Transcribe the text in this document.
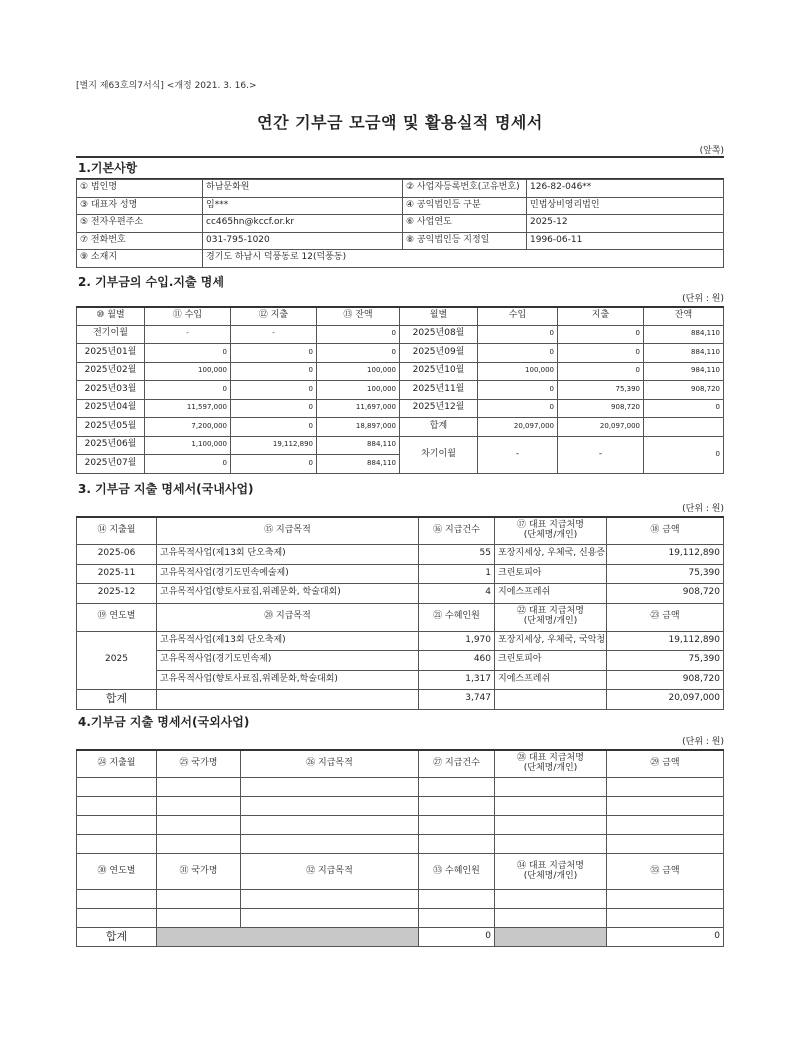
[별지 제63호의7서식] <개정 2021. 3. 16.>
연간 기부금 모금액 및 활용실적 명세서
(앞쪽)
1.기본사항
① 법인명	하남문화원	② 사업자등록번호(고유번호)	126-82-046**
③ 대표자 성명	임***	④ 공익법인등 구분	민법상비영리법인
⑤ 전자우편주소	cc465hn@kccf.or.kr	⑥ 사업연도	2025-12
⑦ 전화번호	031-795-1020	⑧ 공익법인등 지정일	1996-06-11
⑨ 소재지	경기도 하남시 덕풍동로 12(덕풍동)		
2. 기부금의 수입.지출 명세
(단위 : 원)
⑩ 월별	⑪ 수입	⑫ 지출	⑬ 잔액	월별	수입	지출	잔액
전기이월	-	-	0	2025년08월	0	0	884,110
2025년01월	0	0	0	2025년09월	0	0	884,110
2025년02월	100,000	0	100,000	2025년10월	100,000	0	984,110
2025년03월	0	0	100,000	2025년11월	0	75,390	908,720
2025년04월	11,597,000	0	11,697,000	2025년12월	0	908,720	0
2025년05월	7,200,000	0	18,897,000	합계	20,097,000	20,097,000	
2025년06월	1,100,000	19,112,890	884,110	차기이월	-	-	0
2025년07월	0	0	884,110				
3. 기부금 지출 명세서(국내사업)
(단위 : 원)
⑭ 지출월	⑮ 지급목적	⑯ 지급건수	⑰ 대표 지급처명
(단체명/개인)	⑱ 금액
2025-06	고유목적사업(제13회 단오축제)	55	포장지세상, 우체국, 신용증	19,112,890
2025-11	고유목적사업(경기도민속예술제)	1	크린토피아	75,390
2025-12	고유목적사업(향토사료집,위례문화, 학술대회)	4	지에스프레쉬	908,720
⑲ 연도별	⑳ 지급목적	㉑ 수혜인원	㉒ 대표 지급처명
(단체명/개인)	㉓ 금액
2025	고유목적사업(제13회 단오축제)	1,970	포장지세상, 우체국, 국악청	19,112,890
	고유목적사업(경기도민속제)	460	크린토피아	75,390
	고유목적사업(향토사료집,위례문화,학술대회)	1,317	지에스프레쉬	908,720
합계		3,747		20,097,000
4.기부금 지출 명세서(국외사업)
(단위 : 원)
㉔ 지출월	㉕ 국가명	㉖ 지급목적	㉗ 지급건수	㉘ 대표 지급처명
(단체명/개인)	㉙ 금액

㉚ 연도별	㉛ 국가명	㉜ 지급목적	㉝ 수혜인원	㉞ 대표 지급처명
(단체명/개인)	㉟ 금액

합계			0		0
